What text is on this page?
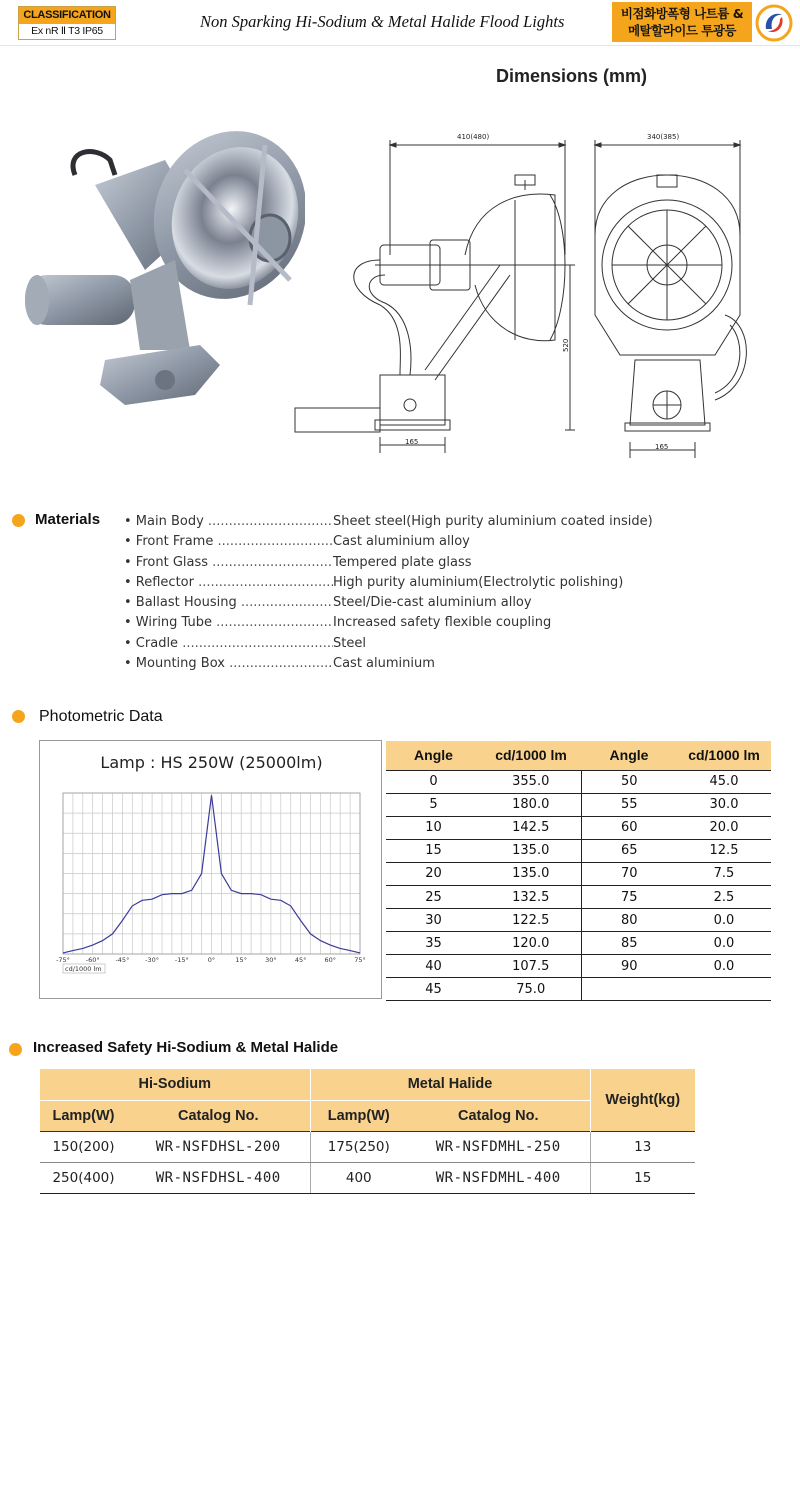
CLASSIFICATION
Ex nR Ⅱ T3 IP65	Non Sparking Hi-Sodium & Metal Halide Flood Lights	비점화방폭형 나트륨 &
메탈할라이드 투광등
Dimensions (mm)
410(480)	340(385)
520
165
165
Materials • Main Body .....	Sheet steel(High purity aluminium coated inside)
• Front Frame .....	Cast aluminium alloy
• Front Glass .....	Tempered plate glass
• Reflector .....	High purity aluminium(Electrolytic polishing)
• Ballast Housing .....	Steel/Die-cast aluminium alloy
• Wiring Tube .....	Increased safety flexible coupling
• Cradle .....	Steel
• Mounting Box .....	Cast aluminium
Photometric Data
Lamp : HS 250W (25000lm)
-75° -60° -45° -30° -15°	0°	15°	30°	45°	60°	75°
cd/1000 lm
Angle	cd/1000 lm	Angle	cd/1000 lm
0	355.0	50	45.0
5	180.0	55	30.0
10	142.5	60	20.0
15	135.0	65	12.5
20	135.0	70	7.5
25	132.5	75	2.5
30	122.5	80	0.0
35	120.0	85	0.0
40	107.5	90	0.0
45	75.0		
Increased Safety Hi-Sodium & Metal Halide
Hi-Sodium		Metal Halide		Weight(kg)
Lamp(W)	Catalog No.	Lamp(W)	Catalog No.	
150(200)	WR-NSFDHSL-200	175(250)	WR-NSFDMHL-250	13
250(400)	WR-NSFDHSL-400	400	WR-NSFDMHL-400	15
